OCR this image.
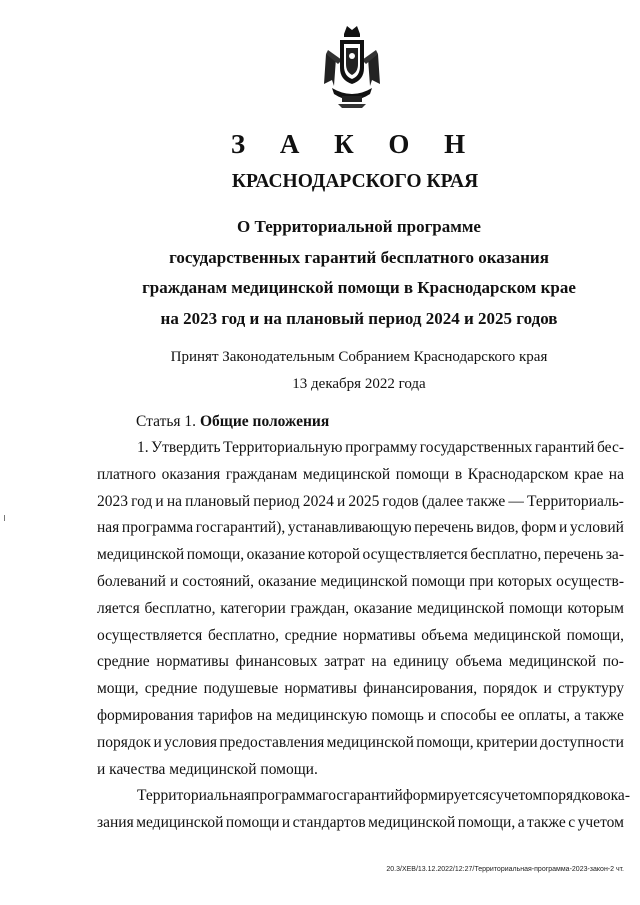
З А К О Н
КРАСНОДАРСКОГО КРАЯ
О Территориальной программе
государственных гарантий бесплатного оказания
гражданам медицинской помощи в Краснодарском крае
на 2023 год и на плановый период 2024 и 2025 годов
Принят Законодательным Собранием Краснодарского края
13 декабря 2022 года
Статья 1. Общие положения
1. Утвердить Территориальную программу государственных гарантий бес-
платного оказания гражданам медицинской помощи в Краснодарском крае на
2023 год и на плановый период 2024 и 2025 годов (далее также — Территориаль-
ная программа госгарантий), устанавливающую перечень видов, форм и условий
медицинской помощи, оказание которой осуществляется бесплатно, перечень за-
болеваний и состояний, оказание медицинской помощи при которых осуществ-
ляется бесплатно, категории граждан, оказание медицинской помощи которым
осуществляется бесплатно, средние нормативы объема медицинской помощи,
средние нормативы финансовых затрат на единицу объема медицинской по-
мощи, средние подушевые нормативы финансирования, порядок и структуру
формирования тарифов на медицинскую помощь и способы ее оплаты, а также
порядок и условия предоставления медицинской помощи, критерии доступности
и качества медицинской помощи.
Территориальная программа госгарантий формируется с учетом порядков ока-
зания медицинской помощи и стандартов медицинской помощи, а также с учетом
20.3/ХЕВ/13.12.2022/12:27/Территориальная-программа-2023-закон-2 чт.
